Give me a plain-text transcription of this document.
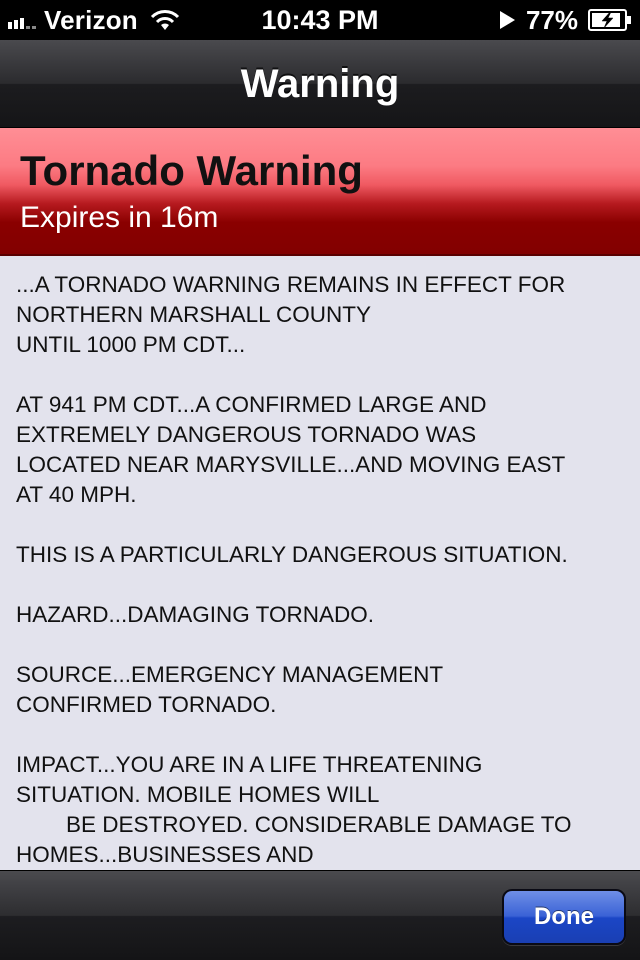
Verizon	10:43 PM	77%
Warning
Tornado Warning
Expires in 16m
...A TORNADO WARNING REMAINS IN EFFECT FOR
NORTHERN MARSHALL COUNTY
UNTIL 1000 PM CDT...

AT 941 PM CDT...A CONFIRMED LARGE AND
EXTREMELY DANGEROUS TORNADO WAS
LOCATED NEAR MARYSVILLE...AND MOVING EAST
AT 40 MPH.

THIS IS A PARTICULARLY DANGEROUS SITUATION.

HAZARD...DAMAGING TORNADO.

SOURCE...EMERGENCY MANAGEMENT
CONFIRMED TORNADO.

IMPACT...YOU ARE IN A LIFE THREATENING
SITUATION. MOBILE HOMES WILL
BE DESTROYED. CONSIDERABLE DAMAGE TO
HOMES...BUSINESSES AND
Done
